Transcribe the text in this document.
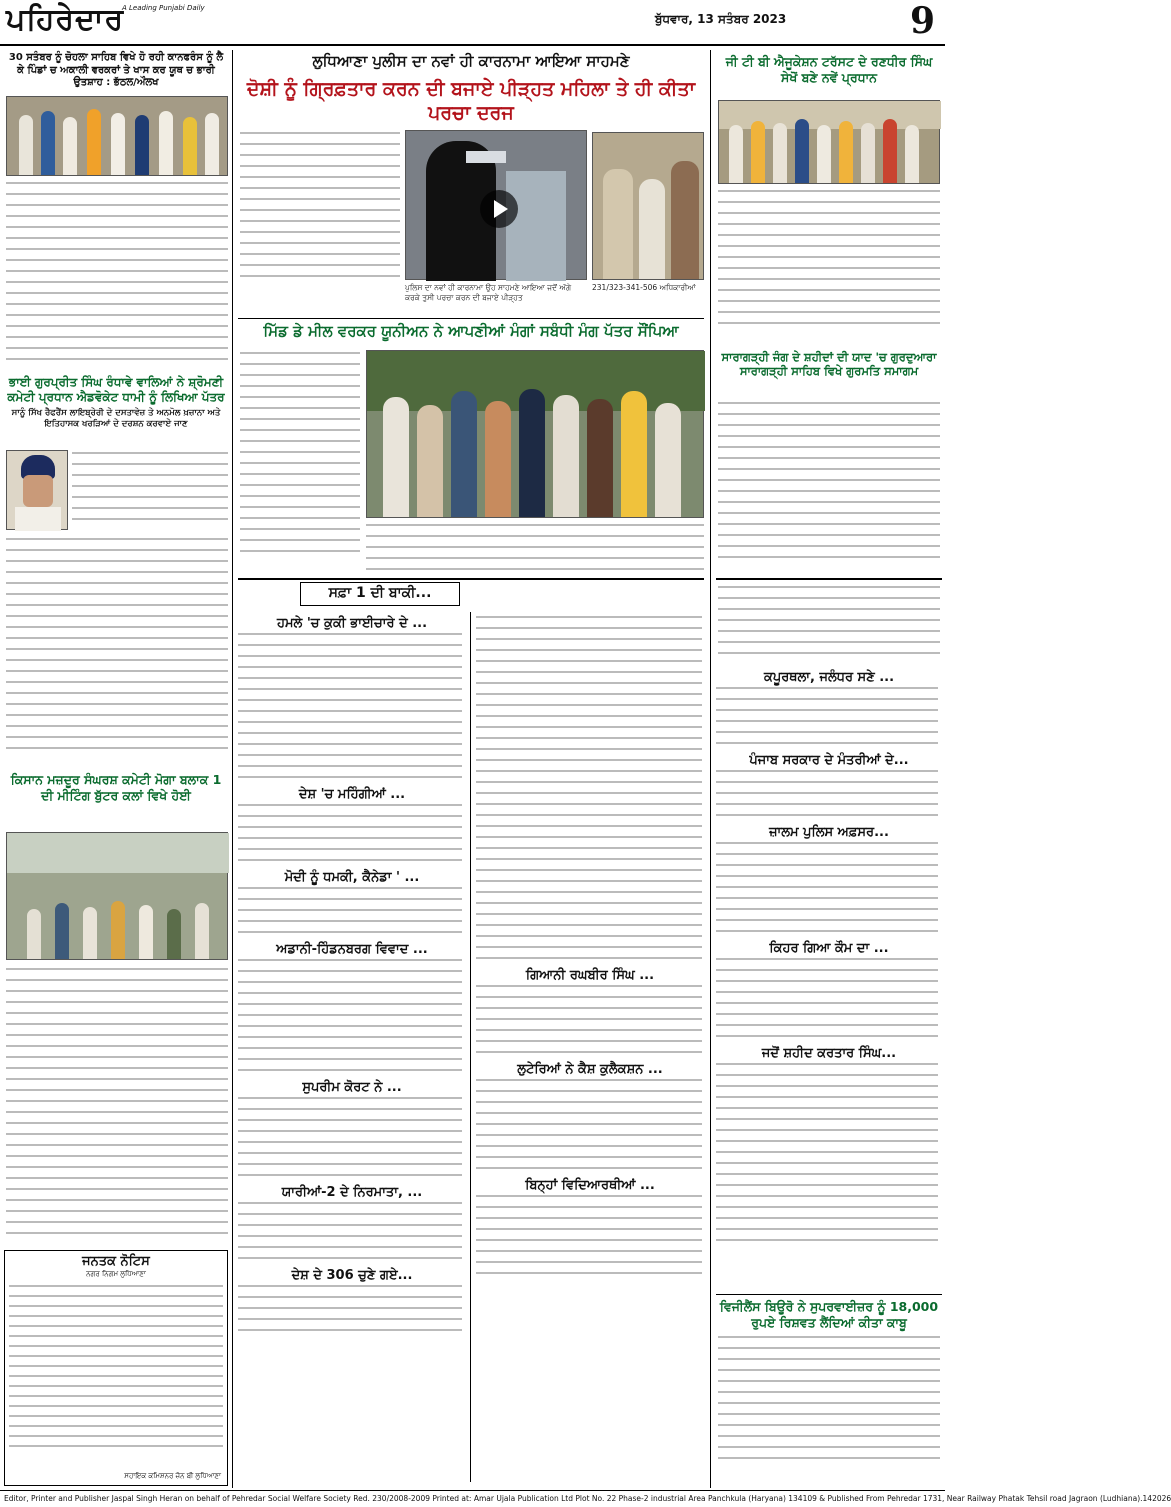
ਪਹਿਰੇਦਾਰ
A Leading Punjabi Daily
ਬੁੱਧਵਾਰ, 13 ਸਤੰਬਰ 2023	9
30 ਸਤੰਬਰ ਨੂੰ ਚੋਹਲਾ ਸਾਹਿਬ ਵਿਖੇ ਹੋ ਰਹੀ ਕਾਨਫਰੰਸ ਨੂੰ ਲੈ ਕੇ ਪਿੰਡਾਂ ਚ ਅਕਾਲੀ ਵਰਕਰਾਂ ਤੇ ਖਾਸ ਕਰ ਯੂਥ ਚ ਭਾਰੀ ਉਤਸ਼ਾਹ : ਭੱਠਲ/ਔਲਖ
ਭਾਈ ਗੁਰਪ੍ਰੀਤ ਸਿੰਘ ਰੰਧਾਵੇ ਵਾਲਿਆਂ ਨੇ ਸ਼੍ਰੋਮਣੀ ਕਮੇਟੀ ਪ੍ਰਧਾਨ ਐਡਵੋਕੇਟ ਧਾਮੀ ਨੂੰ ਲਿਖਿਆ ਪੱਤਰ
ਸਾਨੂੰ ਸਿੱਖ ਰੈਫਰੈਂਸ ਲਾਇਬ੍ਰੇਰੀ ਦੇ ਦਸਤਾਵੇਜ਼ ਤੇ ਅਨਮੋਲ ਖ਼ਜ਼ਾਨਾ ਅਤੇ ਇਤਿਹਾਸਕ ਖਰੜਿਆਂ ਦੇ ਦਰਸ਼ਨ ਕਰਵਾਏ ਜਾਣ
ਕਿਸਾਨ ਮਜ਼ਦੂਰ ਸੰਘਰਸ਼ ਕਮੇਟੀ ਮੋਗਾ ਬਲਾਕ 1 ਦੀ ਮੀਟਿੰਗ ਬੁੱਟਰ ਕਲਾਂ ਵਿਖੇ ਹੋਈ
ਜਨਤਕ ਨੋਟਿਸ
ਨਗਰ ਨਿਗਮ ਲੁਧਿਆਣਾ
ਸਹਾਇਕ ਕਮਿਸ਼ਨਰ ਜ਼ੋਨ ਬੀ ਲੁਧਿਆਣਾ
ਲੁਧਿਆਣਾ ਪੁਲੀਸ ਦਾ ਨਵਾਂ ਹੀ ਕਾਰਨਾਮਾ ਆਇਆ ਸਾਹਮਣੇ
ਦੋਸ਼ੀ ਨੂੰ ਗ੍ਰਿਫ਼ਤਾਰ ਕਰਨ ਦੀ ਬਜਾਏ ਪੀੜ੍ਹਤ ਮਹਿਲਾ ਤੇ ਹੀ ਕੀਤਾ ਪਰਚਾ ਦਰਜ
ਪੁਲਿਸ ਦਾ ਨਵਾਂ ਹੀ ਕਾਰਨਾਮਾ ਉਹ ਸਾਹਮਣੇ ਆਇਆ ਜਦੋਂ ਅੱਗੇ ਕਰਕੇ ਤੁਸੀ ਪਰਚਾ ਕਰਨ ਦੀ ਬਜਾਏ ਪੀੜ੍ਹਤ
231/323-341-506 ਅਧਿਕਾਰੀਆਂ
ਮਿੱਡ ਡੇ ਮੀਲ ਵਰਕਰ ਯੂਨੀਅਨ ਨੇ ਆਪਣੀਆਂ ਮੰਗਾਂ ਸਬੰਧੀ ਮੰਗ ਪੱਤਰ ਸੌਂਪਿਆ
ਸਫ਼ਾ 1 ਦੀ ਬਾਕੀ...
ਹਮਲੇ 'ਚ ਕੁਕੀ ਭਾਈਚਾਰੇ ਦੇ ...
ਦੇਸ਼ 'ਚ ਮਹਿੰਗੀਆਂ ...
ਮੋਦੀ ਨੂੰ ਧਮਕੀ, ਕੈਨੇਡਾ ' ...
ਅਡਾਨੀ-ਹਿੰਡਨਬਰਗ ਵਿਵਾਦ ...
ਸੁਪਰੀਮ ਕੋਰਟ ਨੇ ...
ਯਾਰੀਆਂ-2 ਦੇ ਨਿਰਮਾਤਾ, ...
ਦੇਸ਼ ਦੇ 306 ਚੁਣੇ ਗਏ...
ਗਿਆਨੀ ਰਘਬੀਰ ਸਿੰਘ ...
ਲੁਟੇਰਿਆਂ ਨੇ ਕੈਸ਼ ਕੁਲੈਕਸ਼ਨ ...
ਬਿਨ੍ਹਾਂ ਵਿਦਿਆਰਥੀਆਂ ...
ਜੀ ਟੀ ਬੀ ਐਜੂਕੇਸ਼ਨ ਟਰੱਸਟ ਦੇ ਰਣਧੀਰ ਸਿੰਘ ਸੇਖੋਂ ਬਣੇ ਨਵੇਂ ਪ੍ਰਧਾਨ
ਸਾਰਾਗੜ੍ਹੀ ਜੰਗ ਦੇ ਸ਼ਹੀਦਾਂ ਦੀ ਯਾਦ 'ਚ ਗੁਰਦੁਆਰਾ ਸਾਰਾਗੜ੍ਹੀ ਸਾਹਿਬ ਵਿਖੇ ਗੁਰਮਤਿ ਸਮਾਗਮ
ਕਪੂਰਥਲਾ, ਜਲੰਧਰ ਸਣੇ ...
ਪੰਜਾਬ ਸਰਕਾਰ ਦੇ ਮੰਤਰੀਆਂ ਦੇ...
ਜ਼ਾਲਮ ਪੁਲਿਸ ਅਫ਼ਸਰ...
ਕਿਹਰ ਗਿਆ ਕੌਮ ਦਾ ...
ਜਦੋਂ ਸ਼ਹੀਦ ਕਰਤਾਰ ਸਿੰਘ...
ਵਿਜੀਲੈਂਸ ਬਿਊਰੋ ਨੇ ਸੁਪਰਵਾਈਜ਼ਰ ਨੂੰ 18,000 ਰੁਪਏ ਰਿਸ਼ਵਤ ਲੈਂਦਿਆਂ ਕੀਤਾ ਕਾਬੂ
Editor, Printer and Publisher Jaspal Singh Heran on behalf of Pehredar Social Welfare Society Red. 230/2008-2009 Printed at: Amar Ujala Publication Ltd Plot No. 22 Phase-2 industrial Area Panchkula (Haryana) 134109 & Published From Pehredar 1731, Near Railway Phatak Tehsil road Jagraon (Ludhiana).142026
